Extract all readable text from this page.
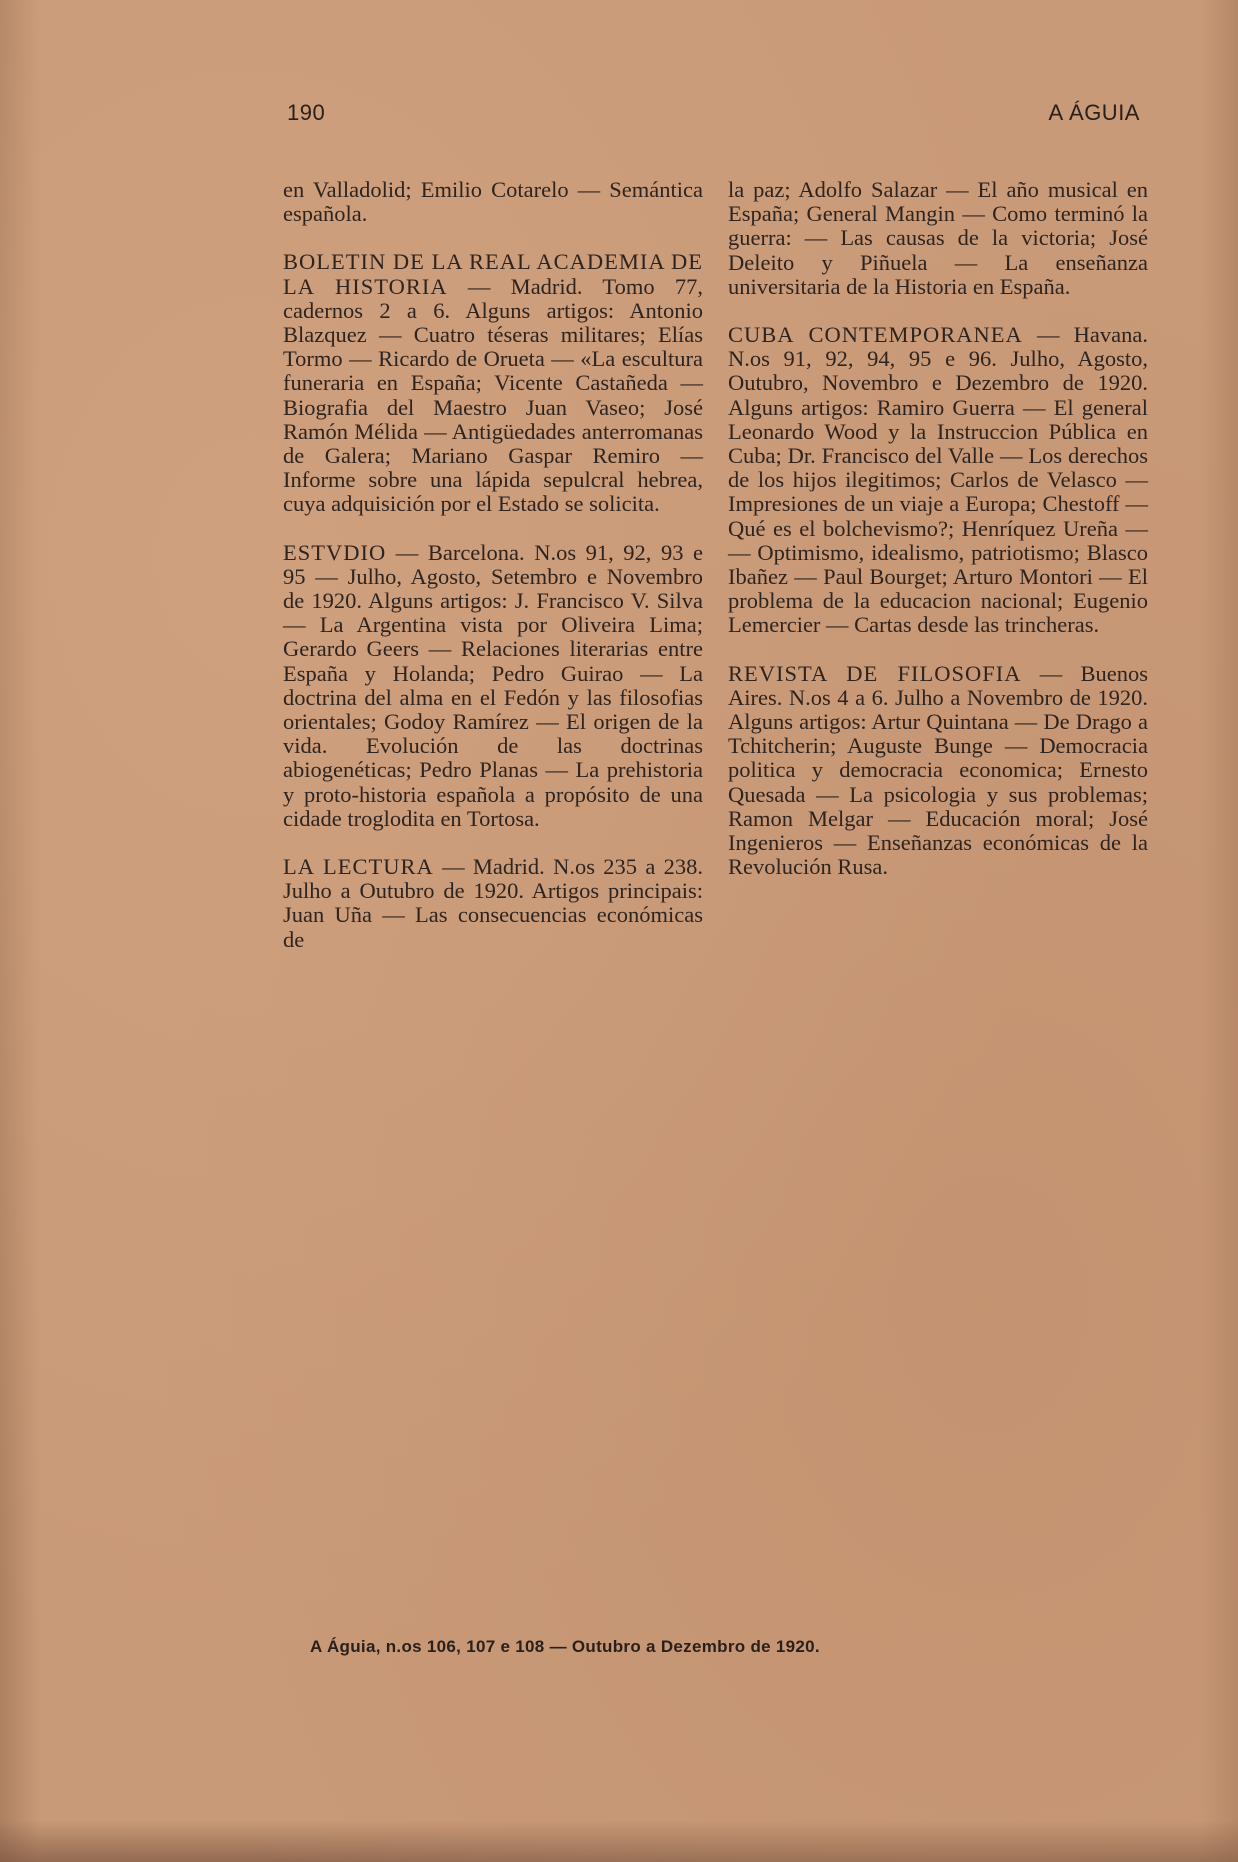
190	A ÁGUIA

en Valladolid; Emilio Cotarelo — Semántica española.

BOLETIN DE LA REAL ACADEMIA DE LA HISTORIA — Madrid. Tomo 77, cadernos 2 a 6. Alguns artigos: Antonio Blazquez — Cuatro téseras militares; Elías Tormo — Ricardo de Orueta — «La escultura funeraria en España; Vicente Castañeda — Biografia del Maestro Juan Vaseo; José Ramón Mélida — Antigüedades anterromanas de Galera; Mariano Gaspar Remiro — Informe sobre una lápida sepulcral hebrea, cuya adquisición por el Estado se solicita.

ESTVDIO — Barcelona. N.os 91, 92, 93 e 95 — Julho, Agosto, Setembro e Novembro de 1920. Alguns artigos: J. Francisco V. Silva — La Argentina vista por Oliveira Lima; Gerardo Geers — Relaciones literarias entre España y Holanda; Pedro Guirao — La doctrina del alma en el Fedón y las filosofias orientales; Godoy Ramírez — El origen de la vida. Evolución de las doctrinas abiogenéticas; Pedro Planas — La prehistoria y proto-historia española a propósito de una cidade troglodita en Tortosa.

LA LECTURA — Madrid. N.os 235 a 238. Julho a Outubro de 1920. Artigos principais: Juan Uña — Las consecuencias económicas de

la paz; Adolfo Salazar — El año musical en España; General Mangin — Como terminó la guerra: — Las causas de la victoria; José Deleito y Piñuela — La enseñanza universitaria de la Historia en España.

CUBA CONTEMPORANEA — Havana. N.os 91, 92, 94, 95 e 96. Julho, Agosto, Outubro, Novembro e Dezembro de 1920. Alguns artigos: Ramiro Guerra — El general Leonardo Wood y la Instruccion Pública en Cuba; Dr. Francisco del Valle — Los derechos de los hijos ilegitimos; Carlos de Velasco — Impresiones de un viaje a Europa; Chestoff — Qué es el bolchevismo?; Henríquez Ureña — — Optimismo, idealismo, patriotismo; Blasco Ibañez — Paul Bourget; Arturo Montori — El problema de la educacion nacional; Eugenio Lemercier — Cartas desde las trincheras.

REVISTA DE FILOSOFIA — Buenos Aires. N.os 4 a 6. Julho a Novembro de 1920. Alguns artigos: Artur Quintana — De Drago a Tchitcherin; Auguste Bunge — Democracia politica y democracia economica; Ernesto Quesada — La psicologia y sus problemas; Ramon Melgar — Educación moral; José Ingenieros — Enseñanzas económicas de la Revolución Rusa.

A Águia, n.os 106, 107 e 108 — Outubro a Dezembro de 1920.
